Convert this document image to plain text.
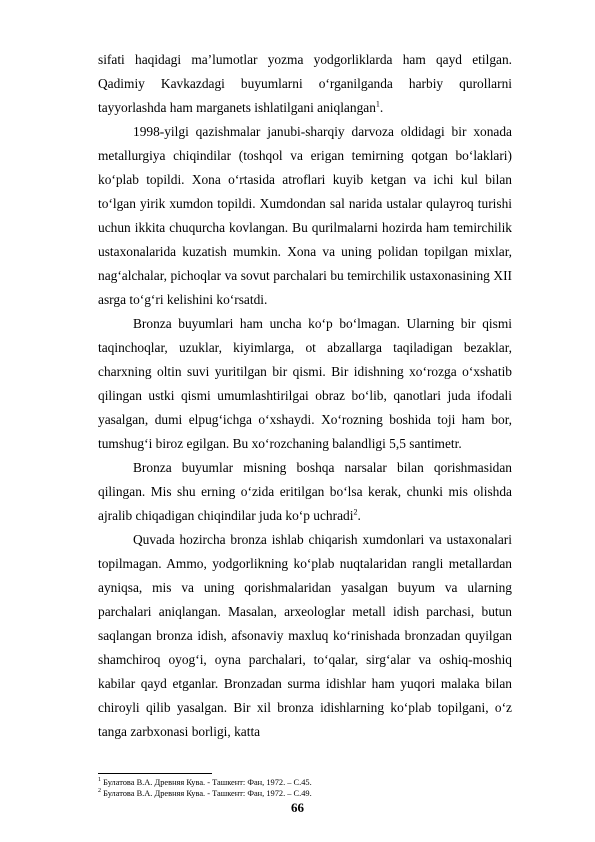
sifati haqidagi ma’lumotlar yozma yodgorliklarda ham qayd etilgan. Qadimiy Kavkazdagi buyumlarni o‘rganilganda harbiy qurollarni tayyorlashda ham marganets ishlatilgani aniqlangan$^1$.

1998-yilgi qazishmalar janubi-sharqiy darvoza oldidagi bir xonada metallurgiya chiqindilar (toshqol va erigan temirning qotgan bo‘laklari) ko‘plab topildi. Xona o‘rtasida atroflari kuyib ketgan va ichi kul bilan to‘lgan yirik xumdon topildi. Xumdondan sal narida ustalar qulayroq turishi uchun ikkita chuqurcha kovlangan. Bu qurilmalarni hozirda ham temirchilik ustaxonalarida kuzatish mumkin. Xona va uning polidan topilgan mixlar, nag‘alchalar, pichoqlar va sovut parchalari bu temirchilik ustaxonasining XII asrga to‘g‘ri kelishini ko‘rsatdi.

Bronza buyumlari ham uncha ko‘p bo‘lmagan. Ularning bir qismi taqinchoqlar, uzuklar, kiyimlarga, ot abzallarga taqiladigan bezaklar, charxning oltin suvi yuritilgan bir qismi. Bir idishning xo‘rozga o‘xshatib qilingan ustki qismi umumlashtirilgai obraz bo‘lib, qanotlari juda ifodali yasalgan, dumi elpug‘ichga o‘xshaydi. Xo‘rozning boshida toji ham bor, tumshug‘i biroz egilgan. Bu xo‘rozchaning balandligi 5,5 santimetr.

Bronza buyumlar misning boshqa narsalar bilan qorishmasidan qilingan. Mis shu erning o‘zida eritilgan bo‘lsa kerak, chunki mis olishda ajralib chiqadigan chiqindilar juda ko‘p uchradi$^2$.

Quvada hozircha bronza ishlab chiqarish xumdonlari va ustaxonalari topilmagan. Ammo, yodgorlikning ko‘plab nuqtalaridan rangli metallardan ayniqsa, mis va uning qorishmalaridan yasalgan buyum va ularning parchalari aniqlangan. Masalan, arxeologlar metall idish parchasi, butun saqlangan bronza idish, afsonaviy maxluq ko‘rinishada bronzadan quyilgan shamchiroq oyog‘i, oyna parchalari, to‘qalar, sirg‘alar va oshiq-moshiq kabilar qayd etganlar. Bronzadan surma idishlar ham yuqori malaka bilan chiroyli qilib yasalgan. Bir xil bronza idishlarning ko‘plab topilgani, o‘z tanga zarbxonasi borligi, katta

$^1$ Булатова В.А. Древняя Кува. - Ташкент: Фан, 1972. – С.45.

$^2$ Булатова В.А. Древняя Кува. - Ташкент: Фан, 1972. – С.49.

66
